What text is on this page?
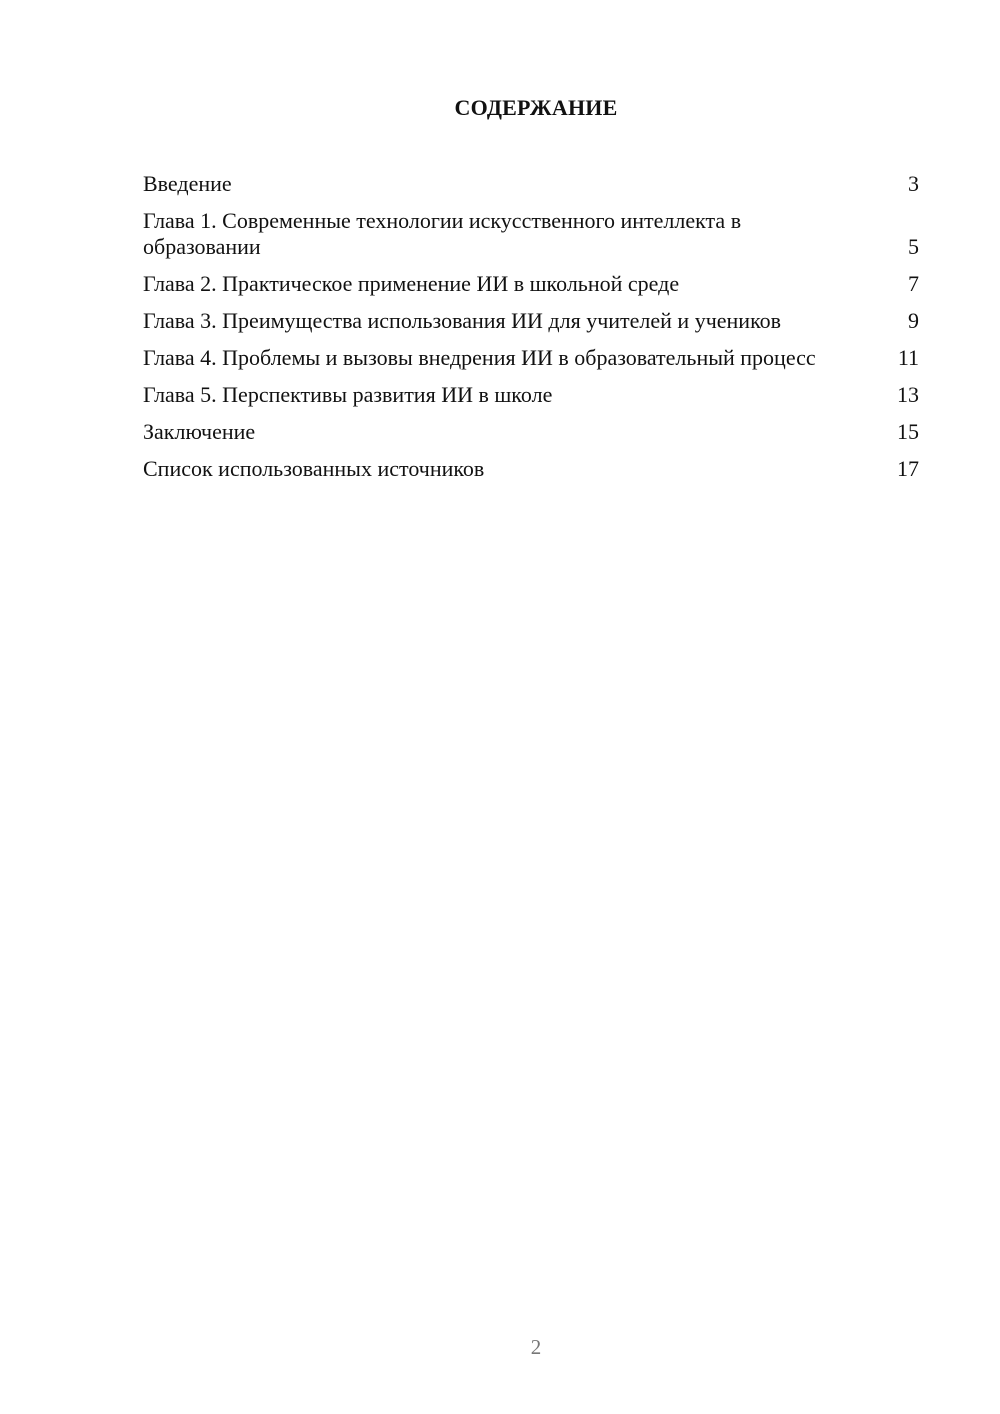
СОДЕРЖАНИЕ
Введение	3
Глава 1. Современные технологии искусственного интеллекта в образовании	5
Глава 2. Практическое применение ИИ в школьной среде	7
Глава 3. Преимущества использования ИИ для учителей и учеников	9
Глава 4. Проблемы и вызовы внедрения ИИ в образовательный процесс	11
Глава 5. Перспективы развития ИИ в школе	13
Заключение	15
Список использованных источников	17
2
